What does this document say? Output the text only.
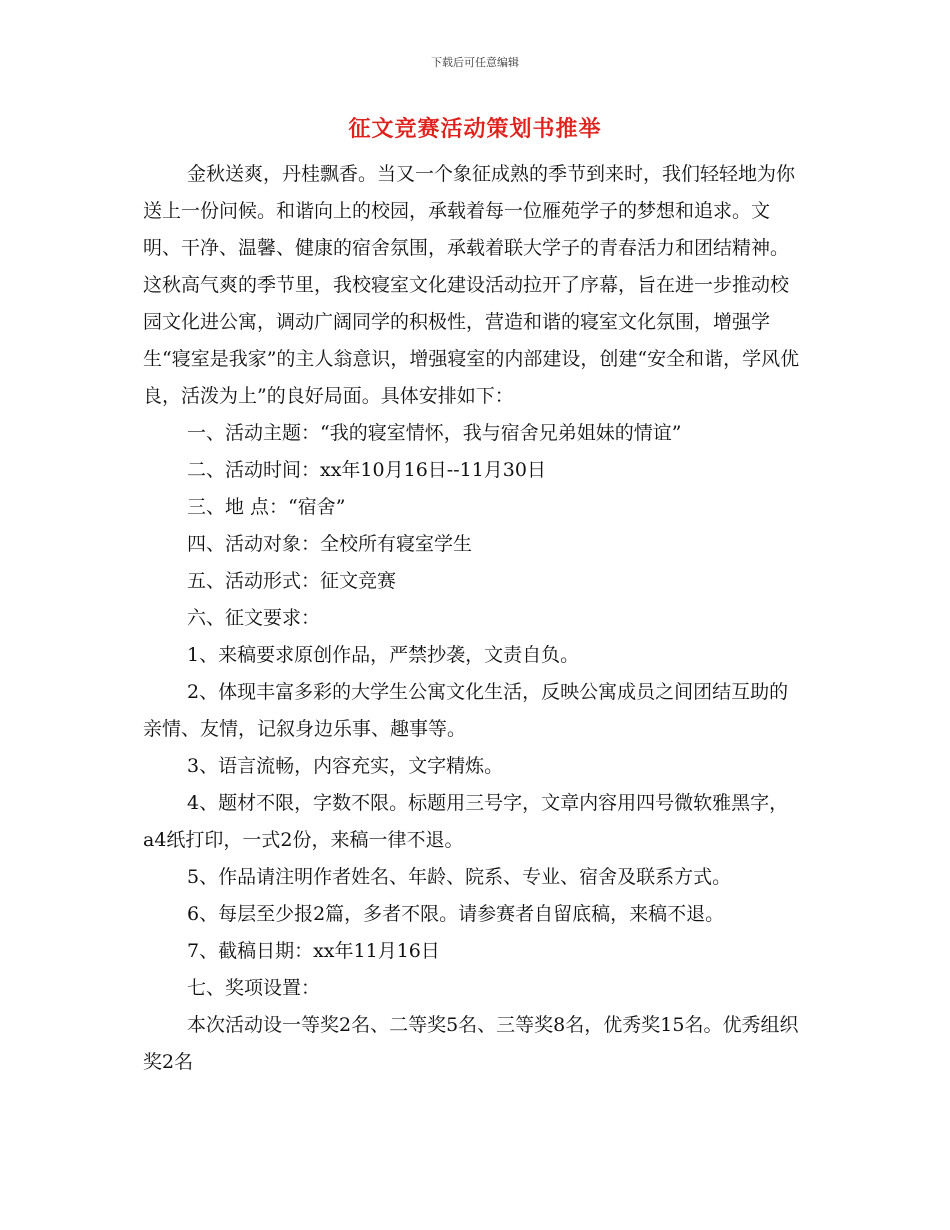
下载后可任意编辑
征文竞赛活动策划书推举

金秋送爽，丹桂飘香。当又一个象征成熟的季节到来时，我们轻轻地为你送上一份问候。和谐向上的校园，承载着每一位雁苑学子的梦想和追求。文明、干净、温馨、健康的宿舍氛围，承载着联大学子的青春活力和团结精神。这秋高气爽的季节里，我校寝室文化建设活动拉开了序幕，旨在进一步推动校园文化进公寓，调动广阔同学的积极性，营造和谐的寝室文化氛围，增强学生“寝室是我家”的主人翁意识，增强寝室的内部建设，创建“安全和谐，学风优良，活泼为上”的良好局面。具体安排如下：

一、活动主题：“我的寝室情怀，我与宿舍兄弟姐妹的情谊”

二、活动时间：xx年10月16日--11月30日

三、地 点：“宿舍”

四、活动对象：全校所有寝室学生

五、活动形式：征文竞赛

六、征文要求：

1、来稿要求原创作品，严禁抄袭，文责自负。

2、体现丰富多彩的大学生公寓文化生活，反映公寓成员之间团结互助的亲情、友情，记叙身边乐事、趣事等。

3、语言流畅，内容充实，文字精炼。

4、题材不限，字数不限。标题用三号字，文章内容用四号微软雅黑字，a4纸打印，一式2份，来稿一律不退。

5、作品请注明作者姓名、年龄、院系、专业、宿舍及联系方式。

6、每层至少报2篇，多者不限。请参赛者自留底稿，来稿不退。

7、截稿日期：xx年11月16日

七、奖项设置：

本次活动设一等奖2名、二等奖5名、三等奖8名，优秀奖15名。优秀组织奖2名
